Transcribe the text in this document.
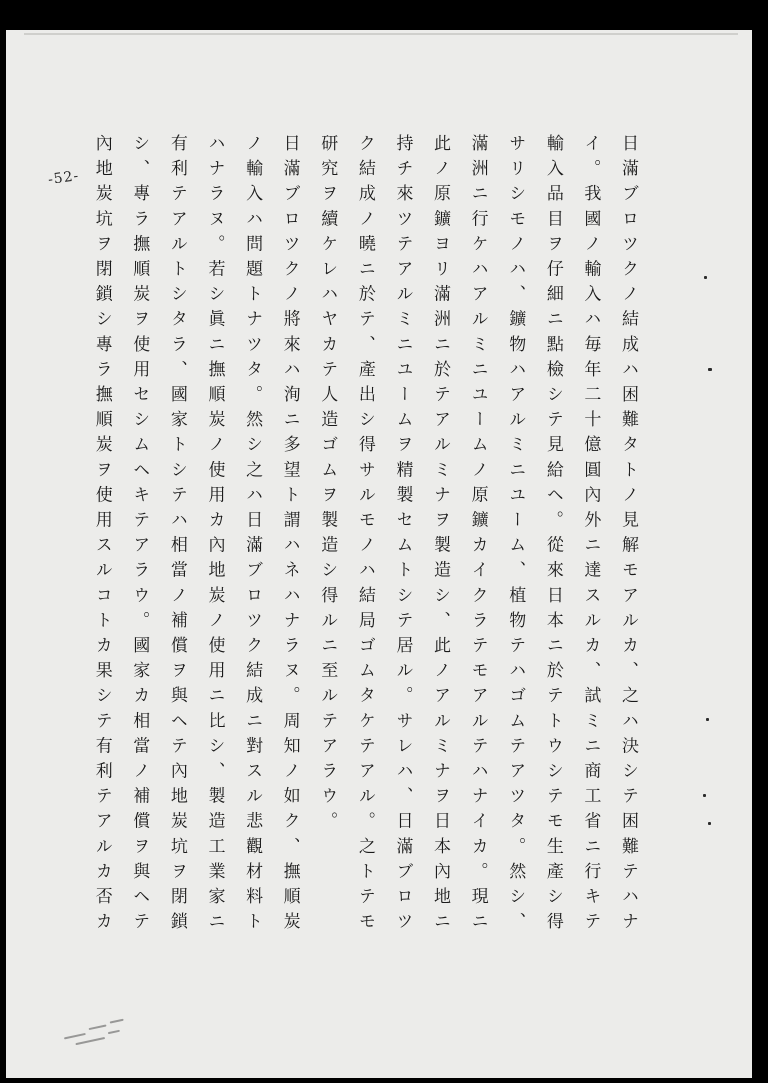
-52-	日滿ブロツクノ結成ハ困難タトノ見解モアルカ、之ハ決シテ困難テハナ
イ。我國ノ輸入ハ毎年二十億圓內外ニ達スルカ、試ミニ商工省ニ行キテ
輸入品目ヲ仔細ニ點檢シテ見給ヘ。從來日本ニ於テトウシテモ生產シ得
サリシモノハ、鑛物ハアルミニユーム、植物テハゴムテアツタ。然シ、
滿洲ニ行ケハアルミニユームノ原鑛カイクラテモアルテハナイカ。現ニ
此ノ原鑛ヨリ滿洲ニ於テアルミナヲ製造シ、此ノアルミナヲ日本內地ニ
持チ來ツテアルミニユームヲ精製セムトシテ居ル。サレハ、日滿ブロツ
ク結成ノ曉ニ於テ、產出シ得サルモノハ結局ゴムタケテアル。之トテモ
研究ヲ續ケレハヤカテ人造ゴムヲ製造シ得ルニ至ルテアラウ。
日滿ブロツクノ將來ハ洵ニ多望ト謂ハネハナラヌ。周知ノ如ク、撫順炭
ノ輸入ハ問題トナツタ。然シ之ハ日滿ブロツク結成ニ對スル悲觀材料ト
ハナラヌ。若シ眞ニ撫順炭ノ使用カ內地炭ノ使用ニ比シ、製造工業家ニ
有利テアルトシタラ、國家トシテハ相當ノ補償ヲ與ヘテ內地炭坑ヲ閉鎖
シ、專ラ撫順炭ヲ使用セシムヘキテアラウ。國家カ相當ノ補償ヲ與ヘテ
內地炭坑ヲ閉鎖シ專ラ撫順炭ヲ使用スルコトカ果シテ有利テアルカ否カ
